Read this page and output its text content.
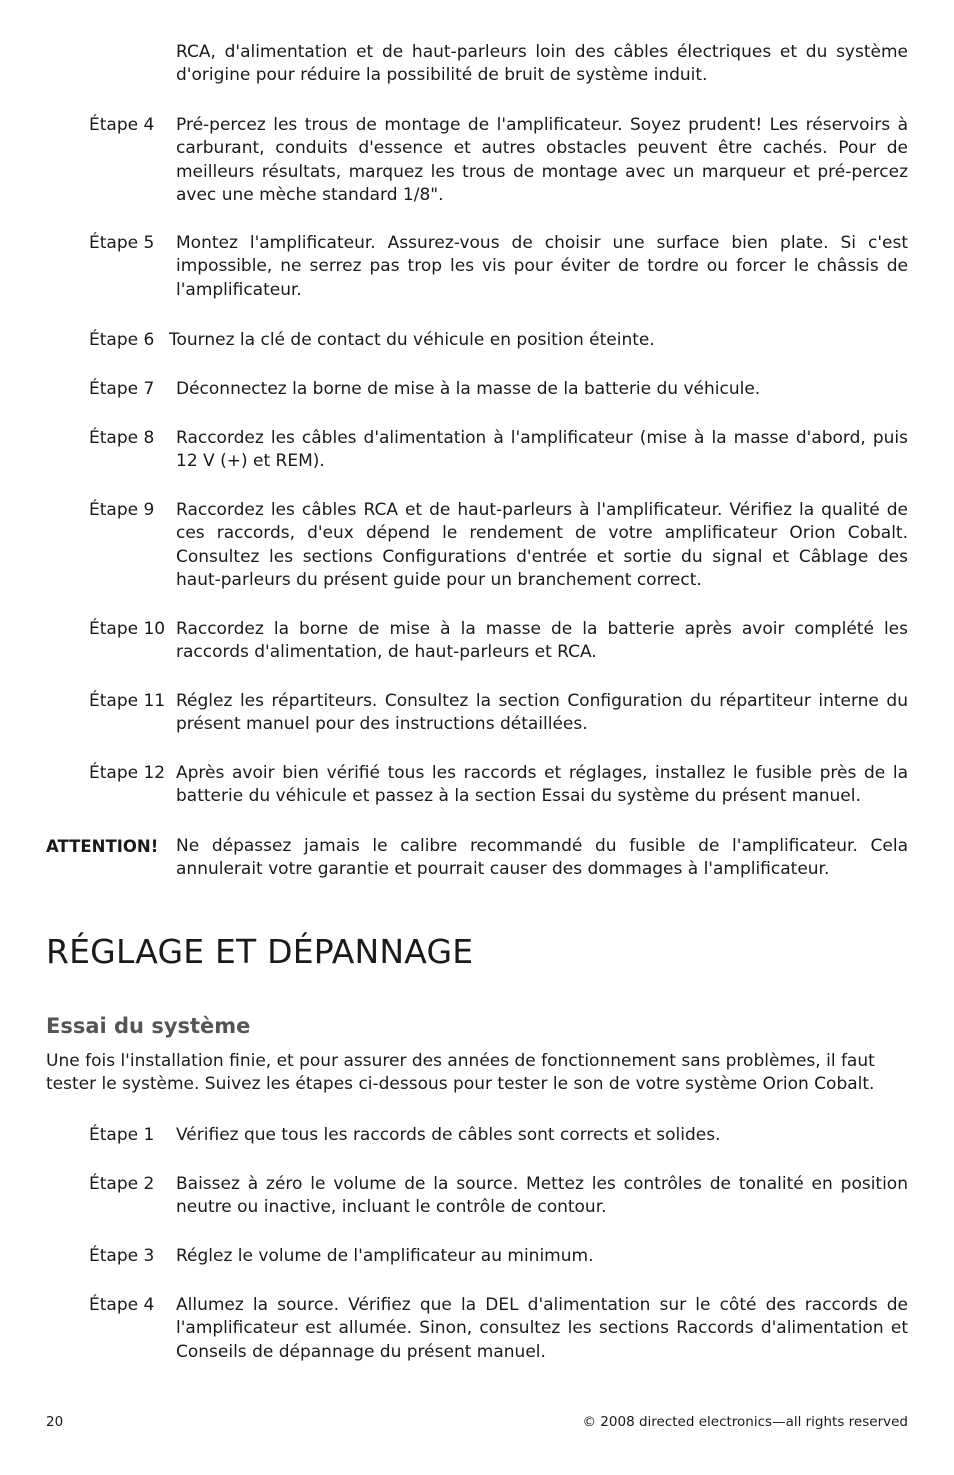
RCA, d'alimentation et de haut-parleurs loin des câbles électriques et du système d'origine pour réduire la possibilité de bruit de système induit.
Étape 4 Pré-percez les trous de montage de l'amplificateur. Soyez prudent! Les réservoirs à carburant, conduits d'essence et autres obstacles peuvent être cachés. Pour de meilleurs résultats, marquez les trous de montage avec un marqueur et pré-percez avec une mèche standard 1/8".
Étape 5 Montez l'amplificateur. Assurez-vous de choisir une surface bien plate. Si c'est impossible, ne serrez pas trop les vis pour éviter de tordre ou forcer le châssis de l'amplificateur.
Étape 6 Tournez la clé de contact du véhicule en position éteinte.
Étape 7 Déconnectez la borne de mise à la masse de la batterie du véhicule.
Étape 8 Raccordez les câbles d'alimentation à l'amplificateur (mise à la masse d'abord, puis 12 V (+) et REM).
Étape 9 Raccordez les câbles RCA et de haut-parleurs à l'amplificateur. Vérifiez la qualité de ces raccords, d'eux dépend le rendement de votre amplificateur Orion Cobalt. Consultez les sections Configurations d'entrée et sortie du signal et Câblage des haut-parleurs du présent guide pour un branchement correct.
Étape 10 Raccordez la borne de mise à la masse de la batterie après avoir complété les raccords d'alimentation, de haut-parleurs et RCA.
Étape 11 Réglez les répartiteurs. Consultez la section Configuration du répartiteur interne du présent manuel pour des instructions détaillées.
Étape 12 Après avoir bien vérifié tous les raccords et réglages, installez le fusible près de la batterie du véhicule et passez à la section Essai du système du présent manuel.
ATTENTION! Ne dépassez jamais le calibre recommandé du fusible de l'amplificateur. Cela annulerait votre garantie et pourrait causer des dommages à l'amplificateur.
RÉGLAGE ET DÉPANNAGE
Essai du système
Une fois l'installation finie, et pour assurer des années de fonctionnement sans problèmes, il faut tester le système. Suivez les étapes ci-dessous pour tester le son de votre système Orion Cobalt.
Étape 1 Vérifiez que tous les raccords de câbles sont corrects et solides.
Étape 2 Baissez à zéro le volume de la source. Mettez les contrôles de tonalité en position neutre ou inactive, incluant le contrôle de contour.
Étape 3 Réglez le volume de l'amplificateur au minimum.
Étape 4 Allumez la source. Vérifiez que la DEL d'alimentation sur le côté des raccords de l'amplificateur est allumée. Sinon, consultez les sections Raccords d'alimentation et Conseils de dépannage du présent manuel.
20	© 2008 directed electronics—all rights reserved
